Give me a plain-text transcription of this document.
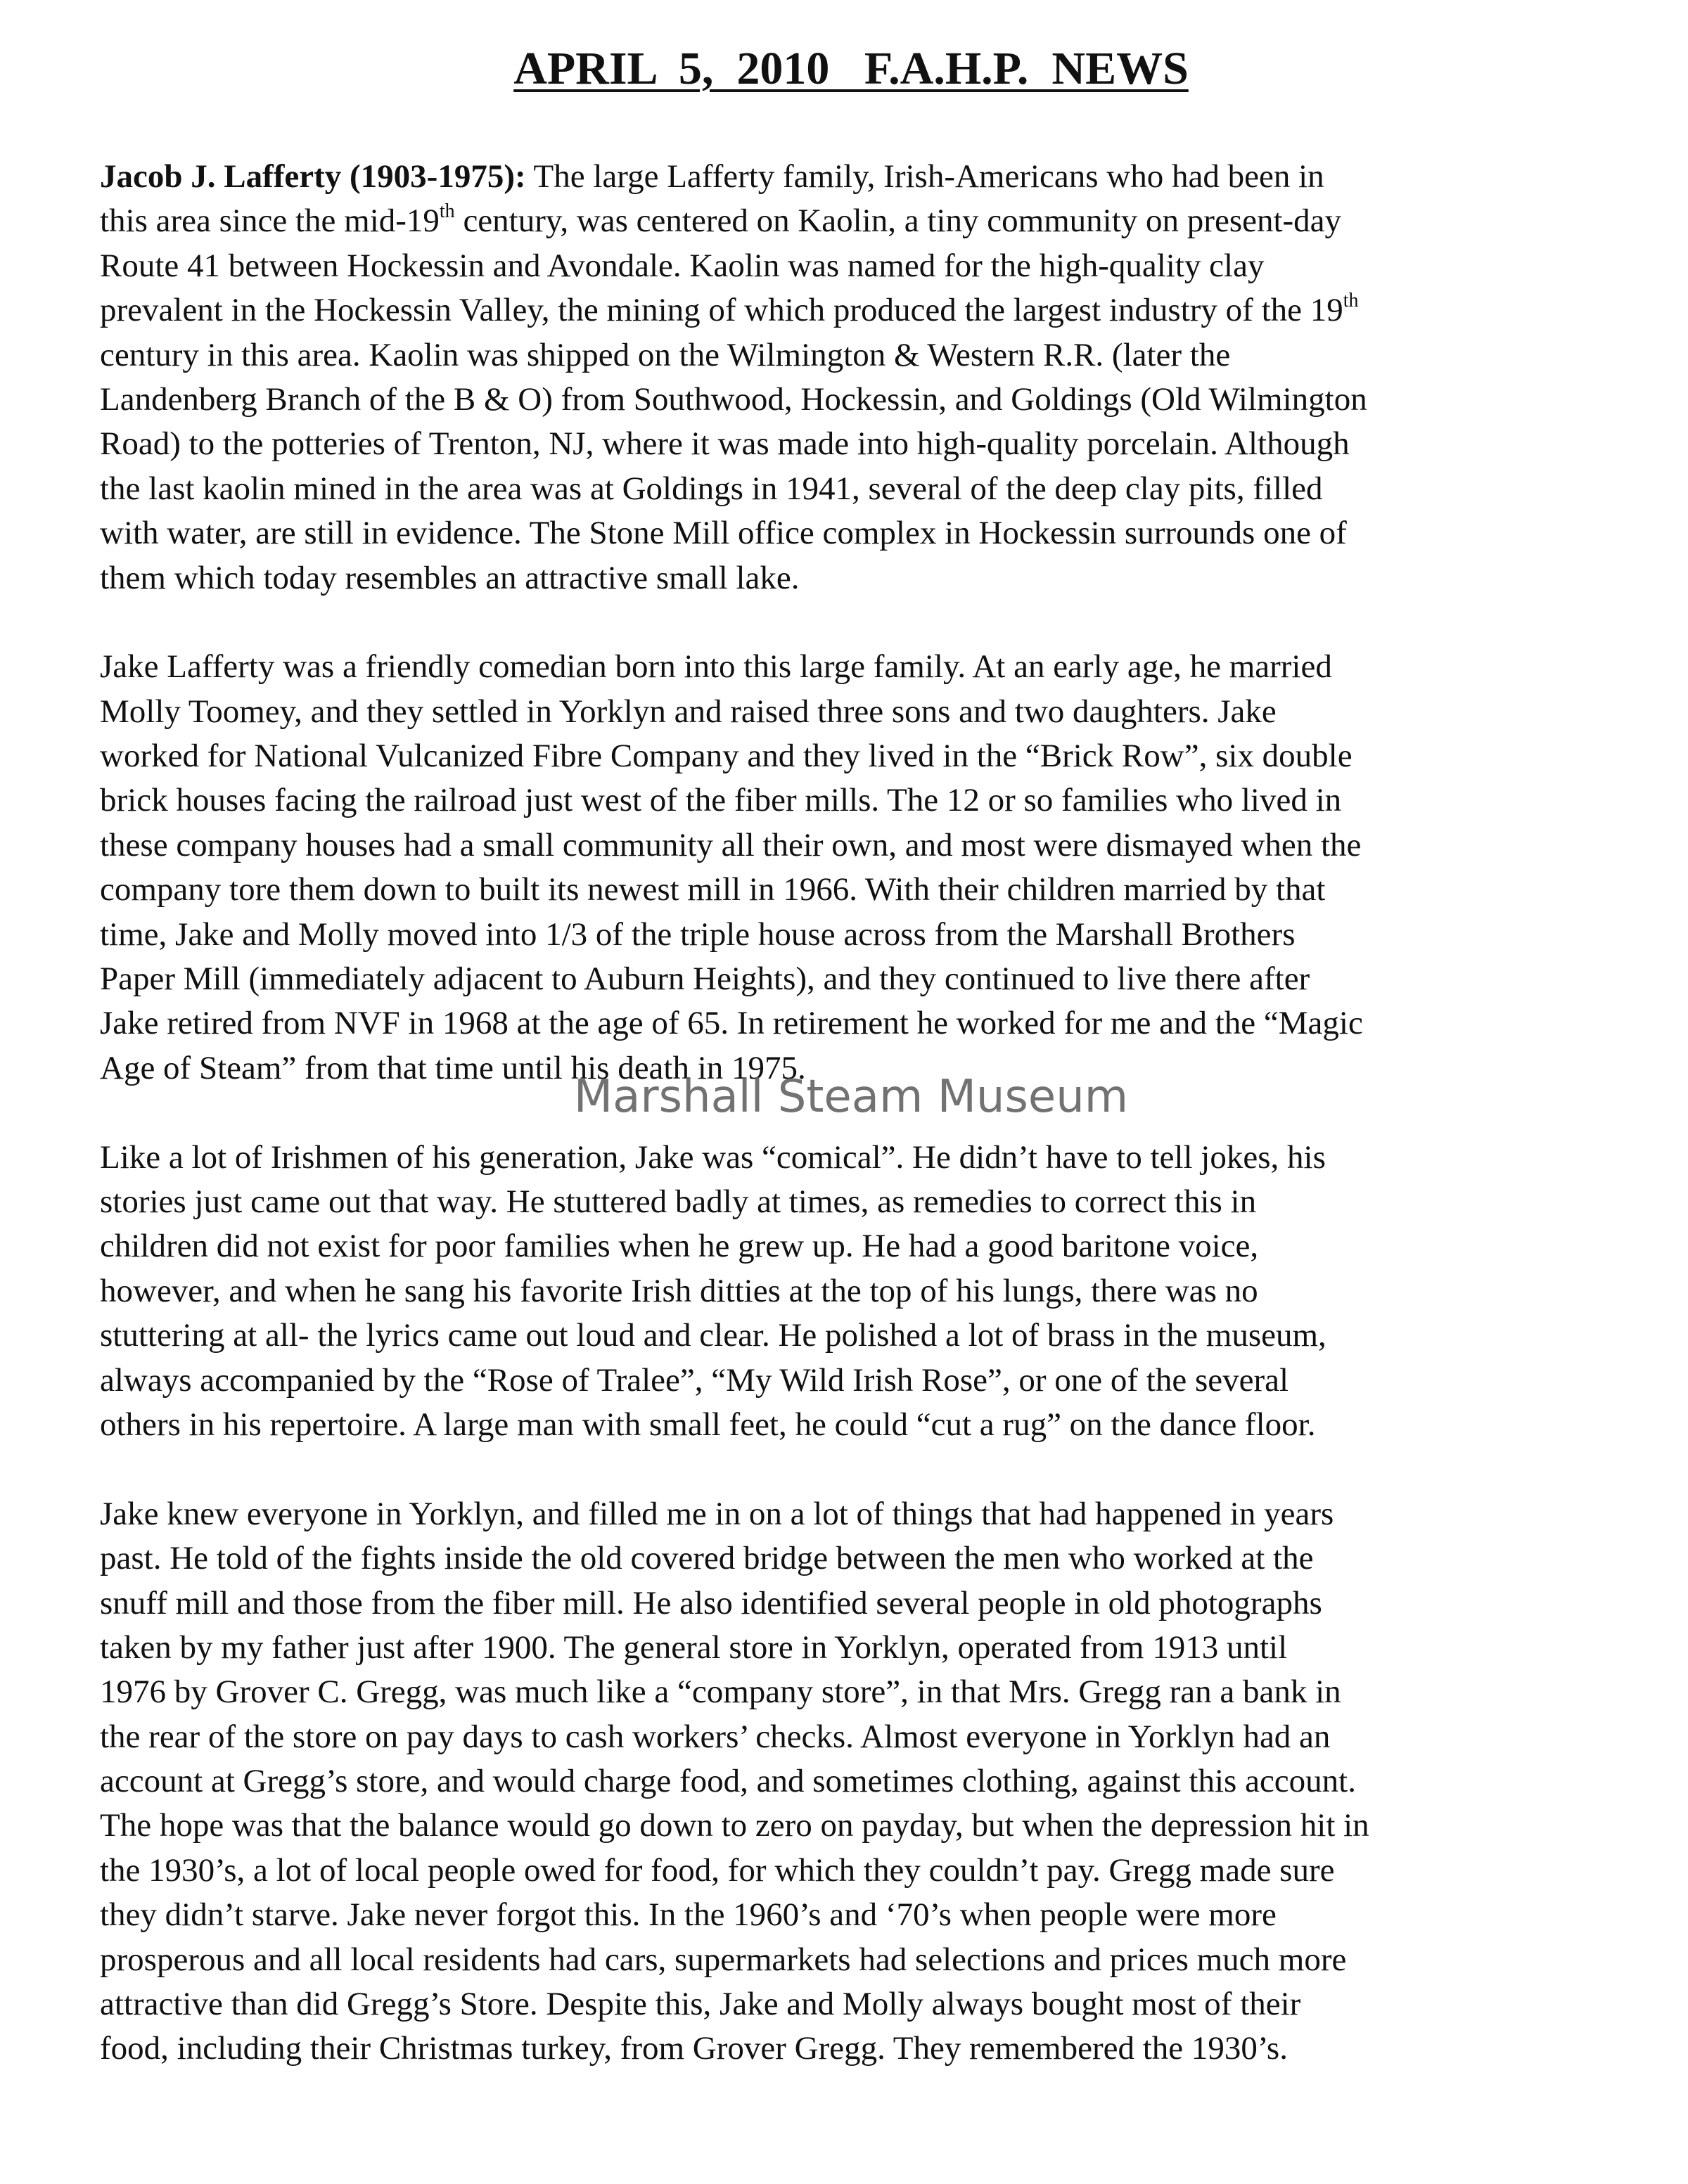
APRIL  5,  2010   F.A.H.P.  NEWS
Jacob J. Lafferty (1903-1975): The large Lafferty family, Irish-Americans who had been in
this area since the mid-19th century, was centered on Kaolin, a tiny community on present-day
Route 41 between Hockessin and Avondale. Kaolin was named for the high-quality clay
prevalent in the Hockessin Valley, the mining of which produced the largest industry of the 19th
century in this area. Kaolin was shipped on the Wilmington & Western R.R. (later the
Landenberg Branch of the B & O) from Southwood, Hockessin, and Goldings (Old Wilmington
Road) to the potteries of Trenton, NJ, where it was made into high-quality porcelain. Although
the last kaolin mined in the area was at Goldings in 1941, several of the deep clay pits, filled
with water, are still in evidence. The Stone Mill office complex in Hockessin surrounds one of
them which today resembles an attractive small lake.
Jake Lafferty was a friendly comedian born into this large family. At an early age, he married
Molly Toomey, and they settled in Yorklyn and raised three sons and two daughters. Jake
worked for National Vulcanized Fibre Company and they lived in the “Brick Row”, six double
brick houses facing the railroad just west of the fiber mills. The 12 or so families who lived in
these company houses had a small community all their own, and most were dismayed when the
company tore them down to built its newest mill in 1966. With their children married by that
time, Jake and Molly moved into 1/3 of the triple house across from the Marshall Brothers
Paper Mill (immediately adjacent to Auburn Heights), and they continued to live there after
Jake retired from NVF in 1968 at the age of 65. In retirement he worked for me and the “Magic
Age of Steam” from that time until his death in 1975.
Like a lot of Irishmen of his generation, Jake was “comical”. He didn’t have to tell jokes, his
stories just came out that way. He stuttered badly at times, as remedies to correct this in
children did not exist for poor families when he grew up. He had a good baritone voice,
however, and when he sang his favorite Irish ditties at the top of his lungs, there was no
stuttering at all- the lyrics came out loud and clear. He polished a lot of brass in the museum,
always accompanied by the “Rose of Tralee”, “My Wild Irish Rose”, or one of the several
others in his repertoire. A large man with small feet, he could “cut a rug” on the dance floor.
Jake knew everyone in Yorklyn, and filled me in on a lot of things that had happened in years
past. He told of the fights inside the old covered bridge between the men who worked at the
snuff mill and those from the fiber mill. He also identified several people in old photographs
taken by my father just after 1900. The general store in Yorklyn, operated from 1913 until
1976 by Grover C. Gregg, was much like a “company store”, in that Mrs. Gregg ran a bank in
the rear of the store on pay days to cash workers’ checks. Almost everyone in Yorklyn had an
account at Gregg’s store, and would charge food, and sometimes clothing, against this account.
The hope was that the balance would go down to zero on payday, but when the depression hit in
the 1930’s, a lot of local people owed for food, for which they couldn’t pay. Gregg made sure
they didn’t starve. Jake never forgot this. In the 1960’s and ‘70’s when people were more
prosperous and all local residents had cars, supermarkets had selections and prices much more
attractive than did Gregg’s Store. Despite this, Jake and Molly always bought most of their
food, including their Christmas turkey, from Grover Gregg. They remembered the 1930’s.
Marshall Steam Museum
